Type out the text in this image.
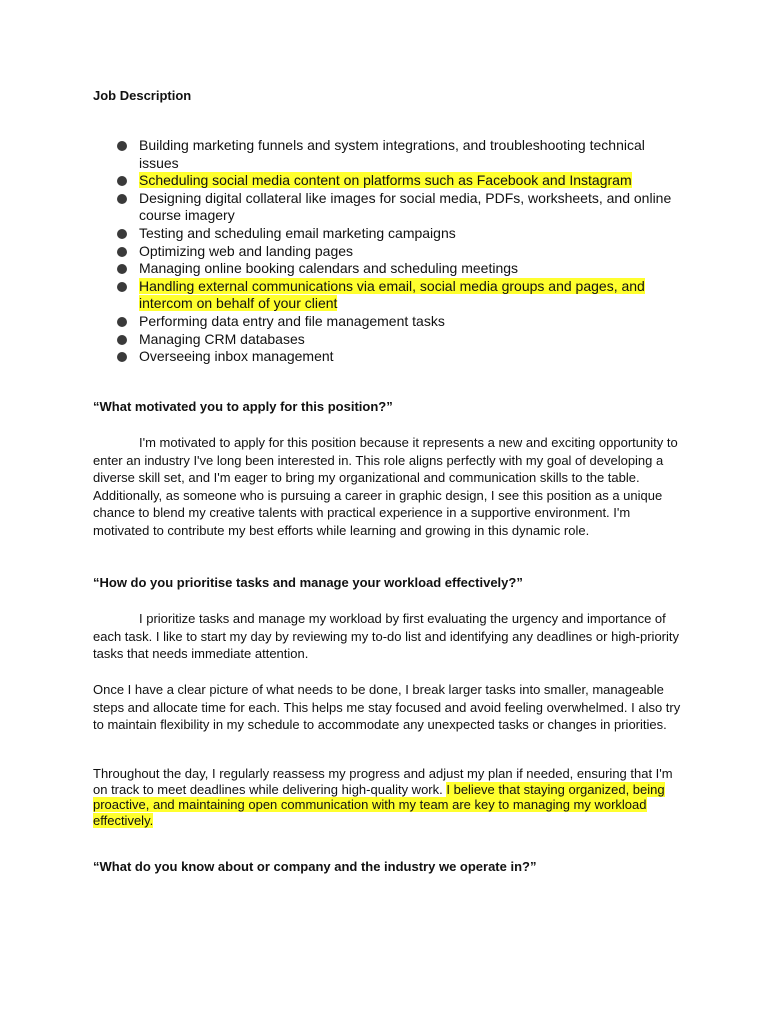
Job Description
Building marketing funnels and system integrations, and troubleshooting technical issues
Scheduling social media content on platforms such as Facebook and Instagram
Designing digital collateral like images for social media, PDFs, worksheets, and online course imagery
Testing and scheduling email marketing campaigns
Optimizing web and landing pages
Managing online booking calendars and scheduling meetings
Handling external communications via email, social media groups and pages, and intercom on behalf of your client
Performing data entry and file management tasks
Managing CRM databases
Overseeing inbox management
“What motivated you to apply for this position?”

I'm motivated to apply for this position because it represents a new and exciting opportunity to enter an industry I've long been interested in. This role aligns perfectly with my goal of developing a diverse skill set, and I'm eager to bring my organizational and communication skills to the table. Additionally, as someone who is pursuing a career in graphic design, I see this position as a unique chance to blend my creative talents with practical experience in a supportive environment. I'm motivated to contribute my best efforts while learning and growing in this dynamic role.

“How do you prioritise tasks and manage your workload effectively?”

I prioritize tasks and manage my workload by first evaluating the urgency and importance of each task. I like to start my day by reviewing my to-do list and identifying any deadlines or high-priority tasks that needs immediate attention.

Once I have a clear picture of what needs to be done, I break larger tasks into smaller, manageable steps and allocate time for each. This helps me stay focused and avoid feeling overwhelmed. I also try to maintain flexibility in my schedule to accommodate any unexpected tasks or changes in priorities.

Throughout the day, I regularly reassess my progress and adjust my plan if needed, ensuring that I'm on track to meet deadlines while delivering high-quality work. I believe that staying organized, being proactive, and maintaining open communication with my team are key to managing my workload effectively.

“What do you know about or company and the industry we operate in?”
